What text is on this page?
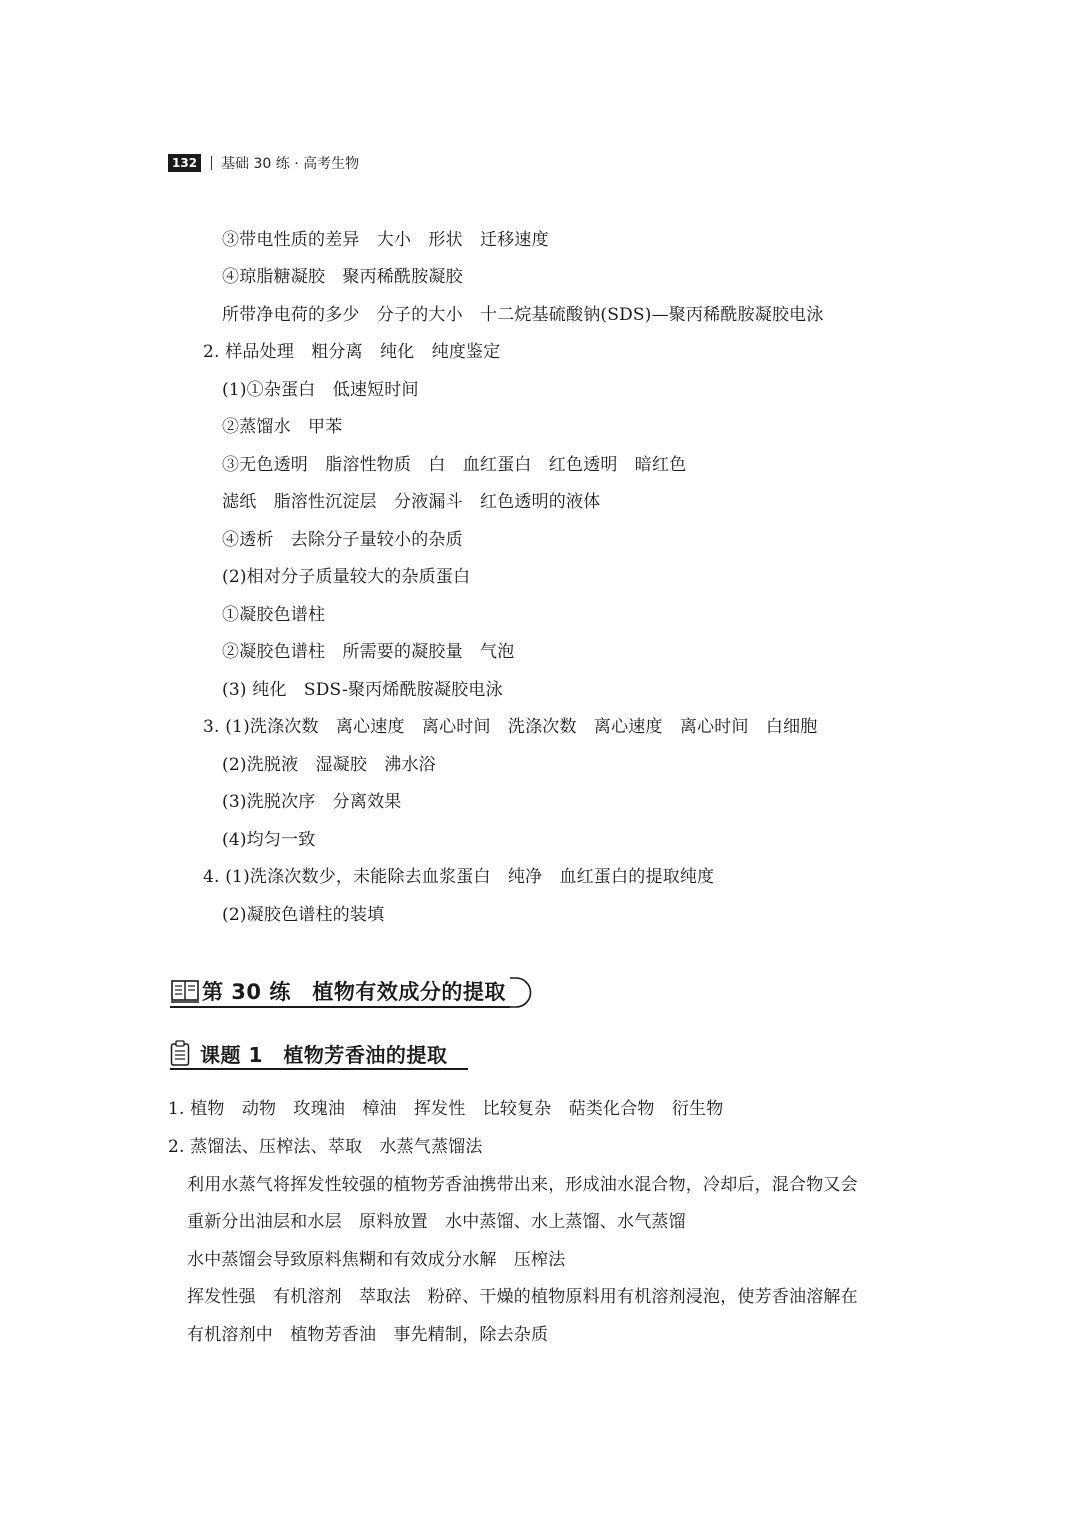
132 基础 30 练 · 高考生物
③带电性质的差异　大小　形状　迁移速度
④琼脂糖凝胶　聚丙稀酰胺凝胶
所带净电荷的多少　分子的大小　十二烷基硫酸钠(SDS)—聚丙稀酰胺凝胶电泳
2. 样品处理　粗分离　纯化　纯度鉴定
(1)①杂蛋白　低速短时间
②蒸馏水　甲苯
③无色透明　脂溶性物质　白　血红蛋白　红色透明　暗红色
滤纸　脂溶性沉淀层　分液漏斗　红色透明的液体
④透析　去除分子量较小的杂质
(2)相对分子质量较大的杂质蛋白
①凝胶色谱柱
②凝胶色谱柱　所需要的凝胶量　气泡
(3) 纯化　SDS-聚丙烯酰胺凝胶电泳
3. (1)洗涤次数　离心速度　离心时间　洗涤次数　离心速度　离心时间　白细胞
(2)洗脱液　湿凝胶　沸水浴
(3)洗脱次序　分离效果
(4)均匀一致
4. (1)洗涤次数少，未能除去血浆蛋白　纯净　血红蛋白的提取纯度
(2)凝胶色谱柱的装填
第 30 练　植物有效成分的提取
课题 1　植物芳香油的提取
1. 植物　动物　玫瑰油　樟油　挥发性　比较复杂　萜类化合物　衍生物
2. 蒸馏法、压榨法、萃取　水蒸气蒸馏法
利用水蒸气将挥发性较强的植物芳香油携带出来，形成油水混合物，冷却后，混合物又会
重新分出油层和水层　原料放置　水中蒸馏、水上蒸馏、水气蒸馏
水中蒸馏会导致原料焦糊和有效成分水解　压榨法
挥发性强　有机溶剂　萃取法　粉碎、干燥的植物原料用有机溶剂浸泡，使芳香油溶解在
有机溶剂中　植物芳香油　事先精制，除去杂质
